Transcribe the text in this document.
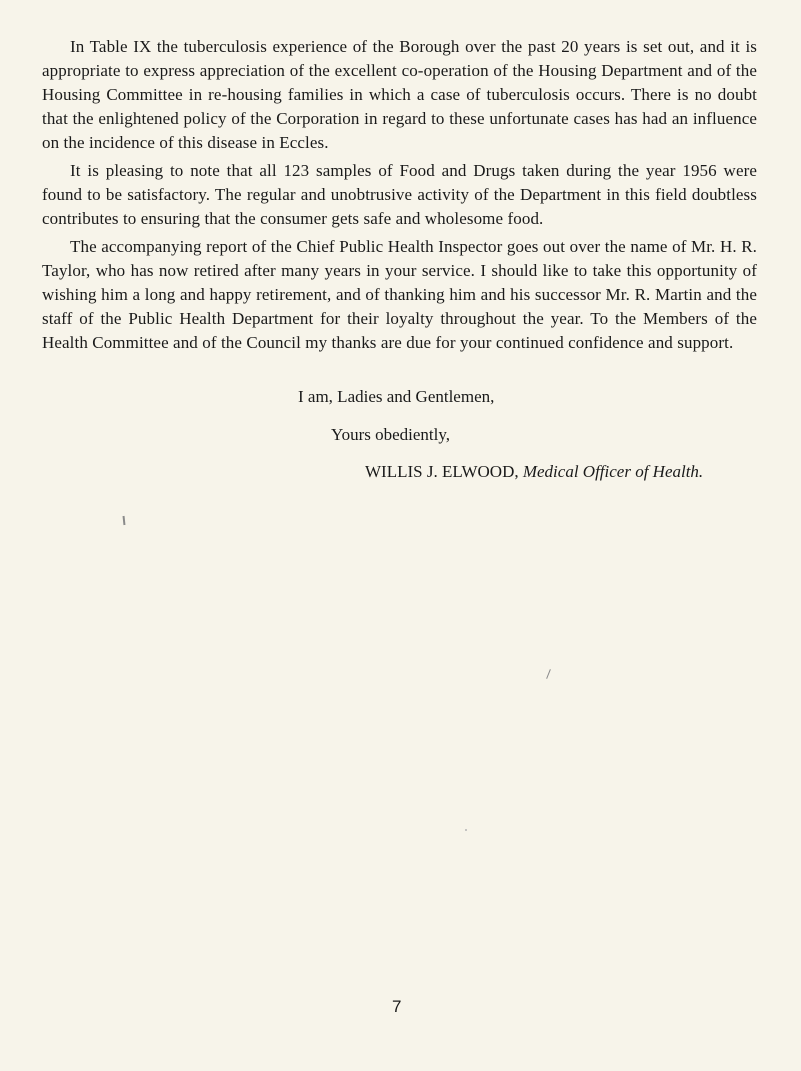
In Table IX the tuberculosis experience of the Borough over the past 20 years is set out, and it is appropriate to express appreciation of the excellent co-operation of the Housing Department and of the Housing Committee in re-housing families in which a case of tuberculosis occurs. There is no doubt that the enlightened policy of the Corporation in regard to these unfortunate cases has had an influence on the incidence of this disease in Eccles.

It is pleasing to note that all 123 samples of Food and Drugs taken during the year 1956 were found to be satisfactory. The regular and unobtrusive activity of the Department in this field doubtless contributes to ensuring that the consumer gets safe and wholesome food.

The accompanying report of the Chief Public Health Inspector goes out over the name of Mr. H. R. Taylor, who has now retired after many years in your service. I should like to take this opportunity of wishing him a long and happy retirement, and of thanking him and his successor Mr. R. Martin and the staff of the Public Health Department for their loyalty throughout the year. To the Members of the Health Committee and of the Council my thanks are due for your continued confidence and support.

I am, Ladies and Gentlemen,

Yours obediently,

WILLIS J. ELWOOD, Medical Officer of Health.

7
